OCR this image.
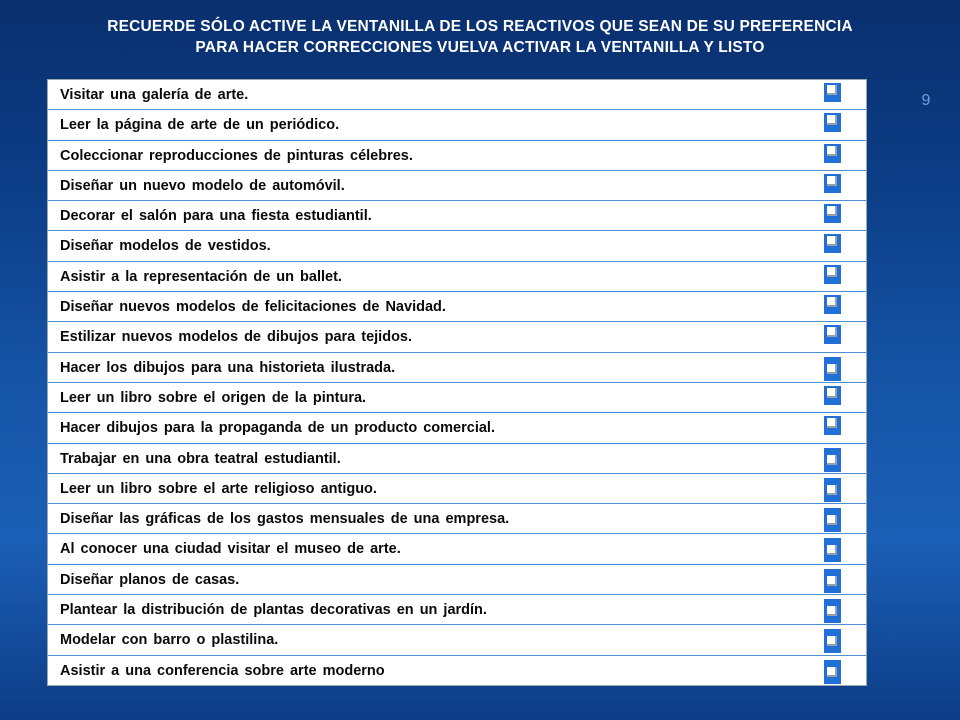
RECUERDE SÓLO ACTIVE LA VENTANILLA DE LOS REACTIVOS QUE SEAN DE SU PREFERENCIA
PARA HACER CORRECCIONES VUELVA ACTIVAR LA VENTANILLA Y LISTO
9
Visitar una galería de arte.
Leer la página de arte de un periódico.
Coleccionar reproducciones de pinturas célebres.
Diseñar un nuevo modelo de automóvil.
Decorar el salón para una fiesta estudiantil.
Diseñar modelos de vestidos.
Asistir a la representación de un ballet.
Diseñar nuevos modelos de felicitaciones de Navidad.
Estilizar nuevos modelos de dibujos para tejidos.
Hacer los dibujos para una historieta ilustrada.
Leer un libro sobre el origen de la pintura.
Hacer dibujos para la propaganda de un producto comercial.
Trabajar en una obra teatral estudiantil.
Leer un libro sobre el arte religioso antiguo.
Diseñar las gráficas de los gastos mensuales de una empresa.
Al conocer una ciudad visitar el museo de arte.
Diseñar planos de casas.
Plantear la distribución de plantas decorativas en un jardín.
Modelar con barro o plastilina.
Asistir a una conferencia sobre arte moderno
